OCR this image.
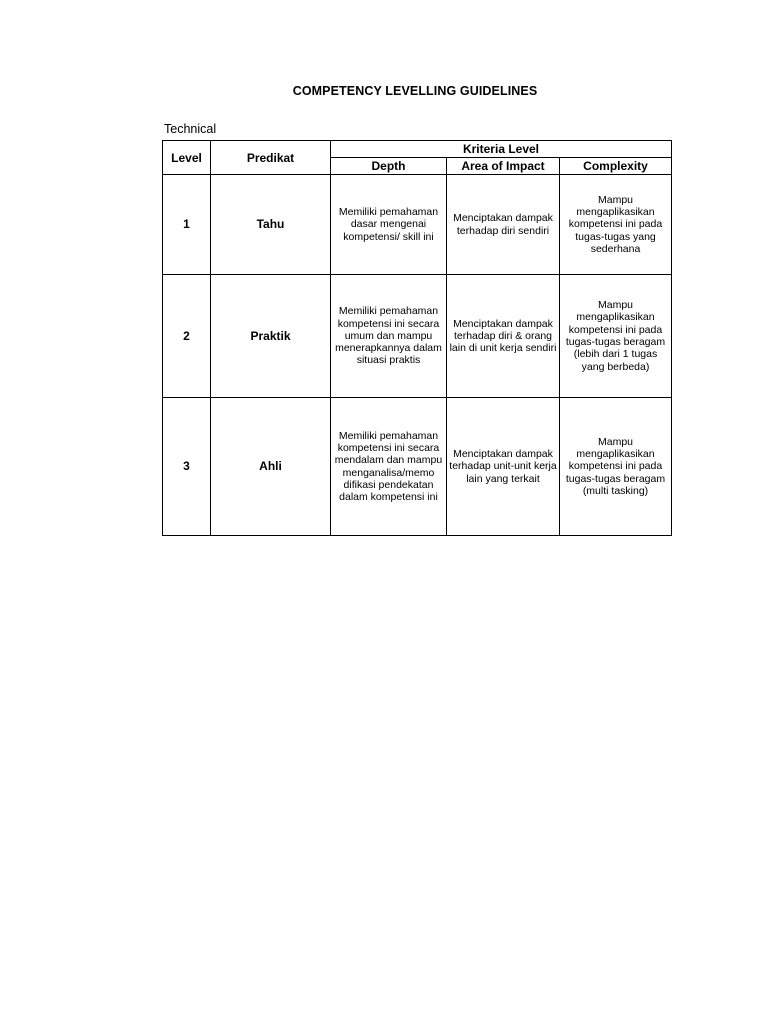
COMPETENCY LEVELLING GUIDELINES
Technical
Level	Predikat	Kriteria Level		
		Depth	Area of Impact	Complexity
1	Tahu	Memiliki pemahaman dasar mengenai kompetensi/ skill ini	Menciptakan dampak terhadap diri sendiri	Mampu mengaplikasikan kompetensi ini pada tugas-tugas yang sederhana
2	Praktik	Memiliki pemahaman kompetensi ini secara umum dan mampu menerapkannya dalam situasi praktis	Menciptakan dampak terhadap diri & orang lain di unit kerja sendiri	Mampu mengaplikasikan kompetensi ini pada tugas-tugas beragam (lebih dari 1 tugas yang berbeda)
3	Ahli	Memiliki pemahaman kompetensi ini secara mendalam dan mampu menganalisa/memo difikasi pendekatan dalam kompetensi ini	Menciptakan dampak terhadap unit-unit kerja lain yang terkait	Mampu mengaplikasikan kompetensi ini pada tugas-tugas beragam (multi tasking)
